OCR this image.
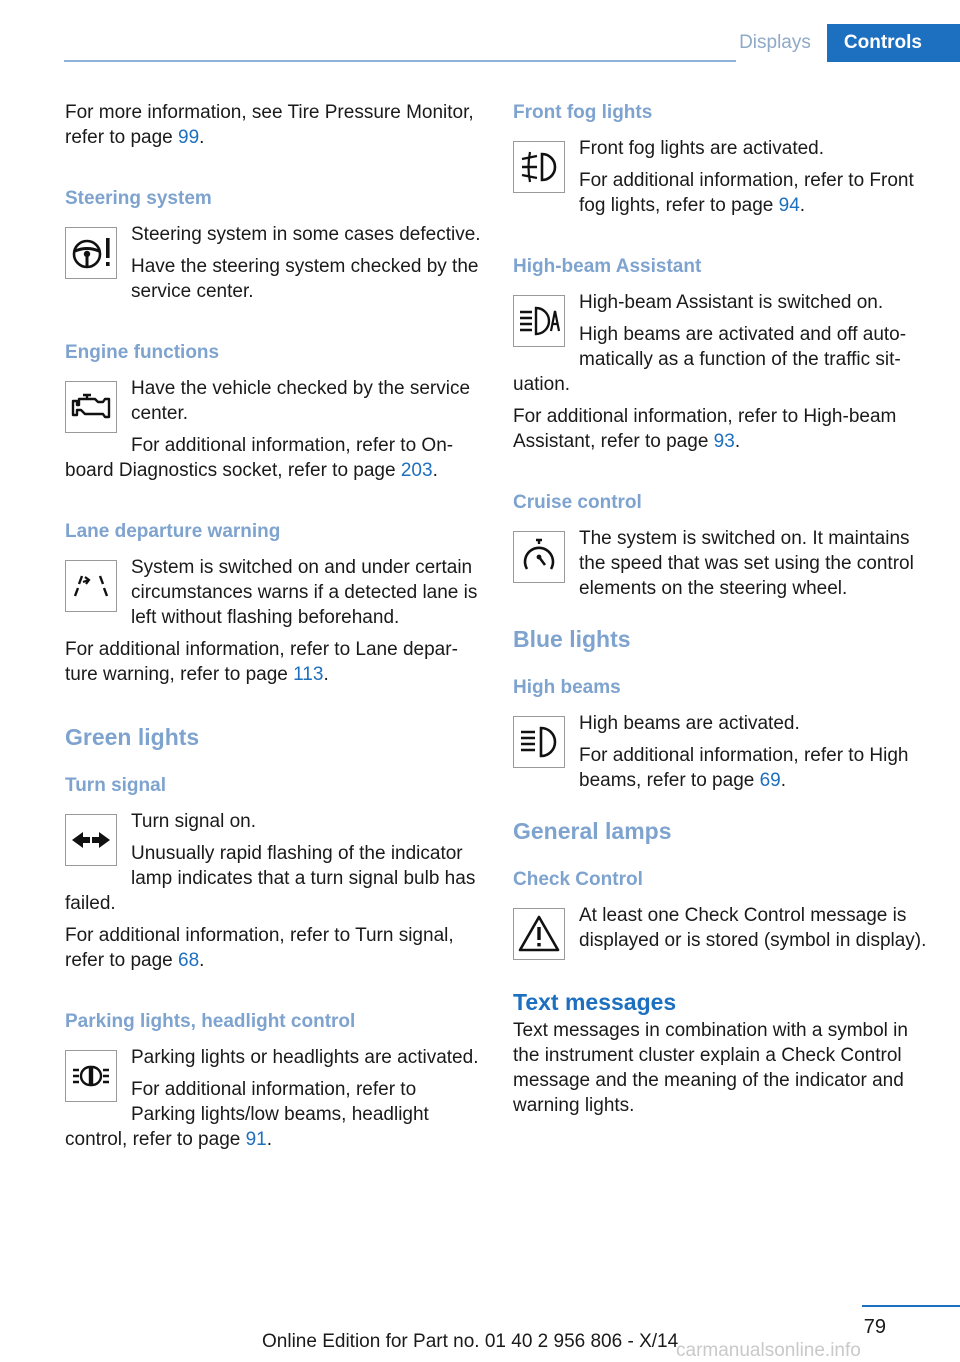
Displays	Controls

For more information, see Tire Pressure Monitor, refer to page 99.

Steering system

Steering system in some cases defective.

Have the steering system checked by the service center.

Engine functions

Have the vehicle checked by the service center.

For additional information, refer to On-board Diagnostics socket, refer to page 203.

Lane departure warning

System is switched on and under certain circumstances warns if a detected lane is left without flashing beforehand.

For additional information, refer to Lane departure warning, refer to page 113.

Green lights
Turn signal

Turn signal on.

Unusually rapid flashing of the indicator lamp indicates that a turn signal bulb has failed.

For additional information, refer to Turn signal, refer to page 68.

Parking lights, headlight control

Parking lights or headlights are activated.

For additional information, refer to Parking lights/low beams, headlight control, refer to page 91.

Front fog lights

Front fog lights are activated.

For additional information, refer to Front fog lights, refer to page 94.

High-beam Assistant

High-beam Assistant is switched on.

High beams are activated and off automatically as a function of the traffic situation.

For additional information, refer to High-beam Assistant, refer to page 93.

Cruise control

The system is switched on. It maintains the speed that was set using the control elements on the steering wheel.

Blue lights
High beams

High beams are activated.

For additional information, refer to High beams, refer to page 69.

General lamps
Check Control

At least one Check Control message is displayed or is stored (symbol in display).

Text messages

Text messages in combination with a symbol in the instrument cluster explain a Check Control message and the meaning of the indicator and warning lights.

79
Online Edition for Part no. 01 40 2 956 806 - X/14
carmanualsonline.info
